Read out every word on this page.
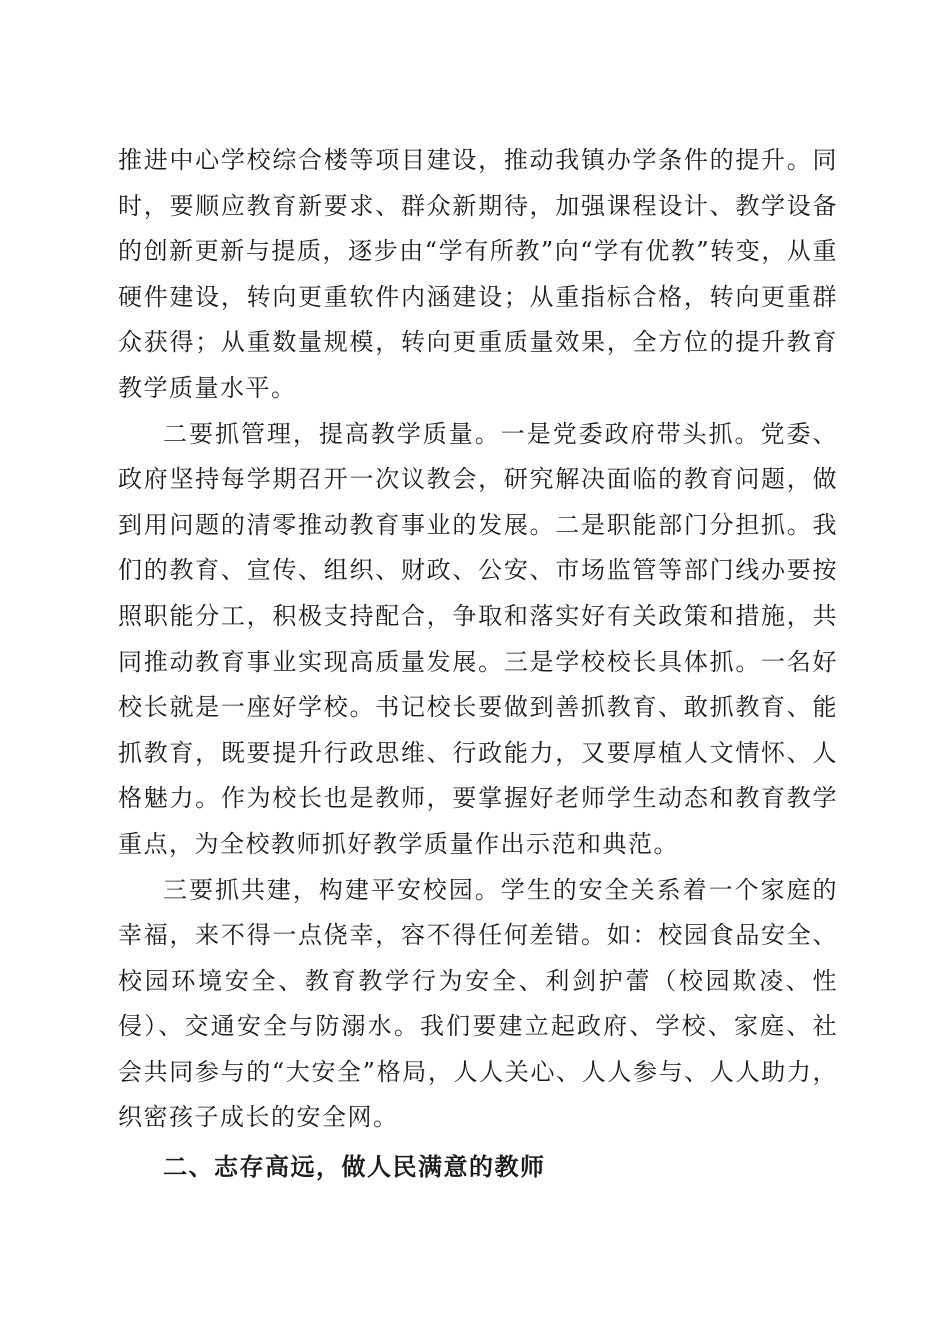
推进中心学校综合楼等项目建设，推动我镇办学条件的提升。同时，要顺应教育新要求、群众新期待，加强课程设计、教学设备的创新更新与提质，逐步由“学有所教”向“学有优教”转变，从重硬件建设，转向更重软件内涵建设；从重指标合格，转向更重群众获得；从重数量规模，转向更重质量效果，全方位的提升教育教学质量水平。

二要抓管理，提高教学质量。一是党委政府带头抓。党委、政府坚持每学期召开一次议教会，研究解决面临的教育问题，做到用问题的清零推动教育事业的发展。二是职能部门分担抓。我们的教育、宣传、组织、财政、公安、市场监管等部门线办要按照职能分工，积极支持配合，争取和落实好有关政策和措施，共同推动教育事业实现高质量发展。三是学校校长具体抓。一名好校长就是一座好学校。书记校长要做到善抓教育、敢抓教育、能抓教育，既要提升行政思维、行政能力，又要厚植人文情怀、人格魅力。作为校长也是教师，要掌握好老师学生动态和教育教学重点，为全校教师抓好教学质量作出示范和典范。

三要抓共建，构建平安校园。学生的安全关系着一个家庭的幸福，来不得一点侥幸，容不得任何差错。如：校园食品安全、校园环境安全、教育教学行为安全、利剑护蕾（校园欺凌、性侵）、交通安全与防溺水。我们要建立起政府、学校、家庭、社会共同参与的“大安全”格局，人人关心、人人参与、人人助力，织密孩子成长的安全网。

二、志存高远，做人民满意的教师
